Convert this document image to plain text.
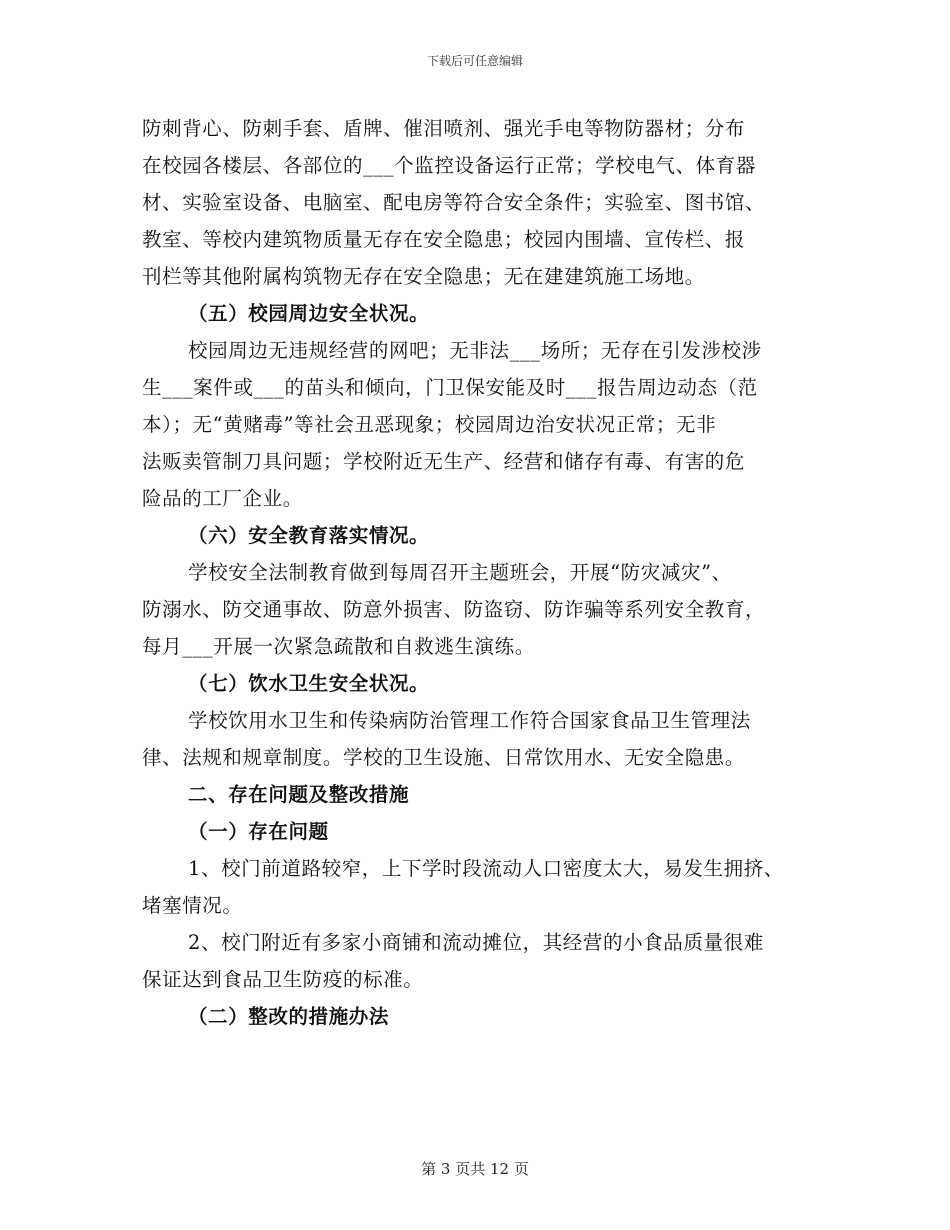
下载后可任意编辑
防刺背心、防刺手套、盾牌、催泪喷剂、强光手电等物防器材；分布
在校园各楼层、各部位的___个监控设备运行正常；学校电气、体育器
材、实验室设备、电脑室、配电房等符合安全条件；实验室、图书馆、
教室、等校内建筑物质量无存在安全隐患；校园内围墙、宣传栏、报
刊栏等其他附属构筑物无存在安全隐患；无在建建筑施工场地。
（五）校园周边安全状况。
校园周边无违规经营的网吧；无非法___场所；无存在引发涉校涉
生___案件或___的苗头和倾向，门卫保安能及时___报告周边动态（范
本）；无“黄赌毒”等社会丑恶现象；校园周边治安状况正常；无非
法贩卖管制刀具问题；学校附近无生产、经营和储存有毒、有害的危
险品的工厂企业。
（六）安全教育落实情况。
学校安全法制教育做到每周召开主题班会，开展“防灾减灾”、
防溺水、防交通事故、防意外损害、防盗窃、防诈骗等系列安全教育，
每月___开展一次紧急疏散和自救逃生演练。
（七）饮水卫生安全状况。
学校饮用水卫生和传染病防治管理工作符合国家食品卫生管理法
律、法规和规章制度。学校的卫生设施、日常饮用水、无安全隐患。
二、存在问题及整改措施
（一）存在问题
1、校门前道路较窄，上下学时段流动人口密度太大，易发生拥挤、
堵塞情况。
2、校门附近有多家小商铺和流动摊位，其经营的小食品质量很难
保证达到食品卫生防疫的标准。
（二）整改的措施办法
第 3 页共 12 页
